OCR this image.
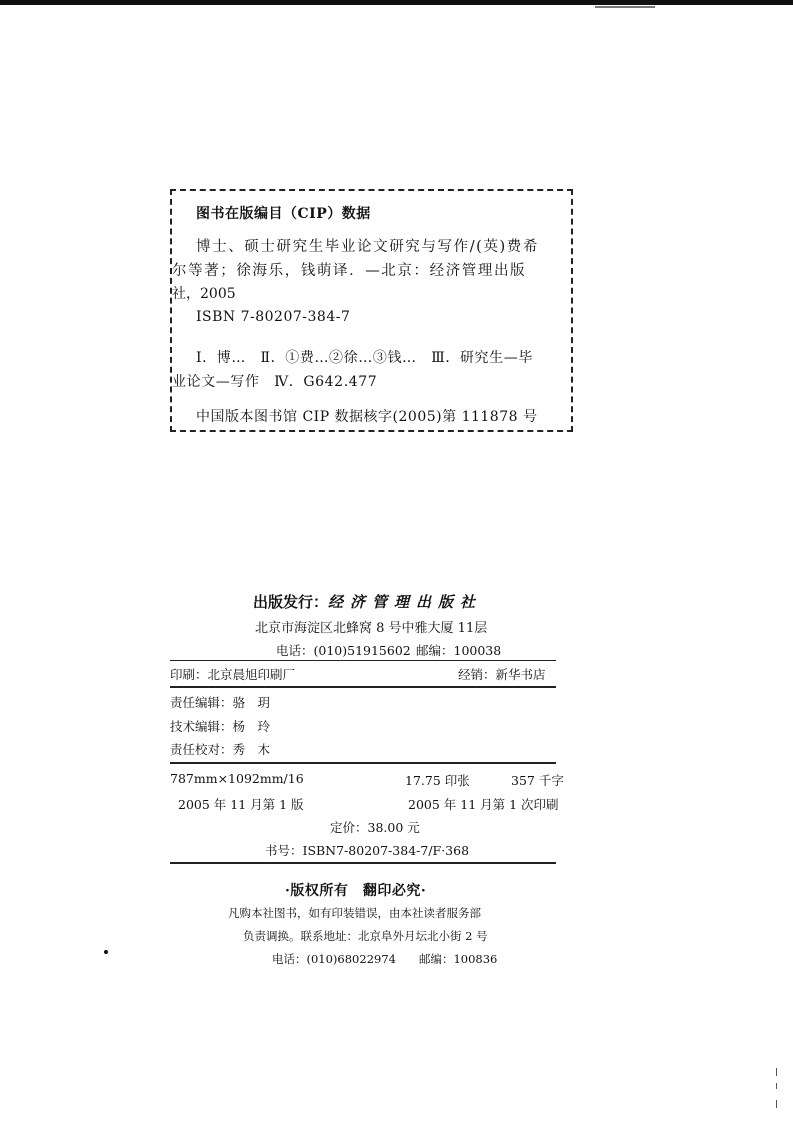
图书在版编目（CIP）数据
博士、硕士研究生毕业论文研究与写作/(英)费希
尔等著；徐海乐，钱萌译．—北京：经济管理出版
社，2005
ISBN 7-80207-384-7
Ⅰ．博…　Ⅱ．①费…②徐…③钱…　Ⅲ．研究生—毕
业论文—写作　Ⅳ．G642.477
中国版本图书馆 CIP 数据核字(2005)第 111878 号
出版发行：经济管理出版社
北京市海淀区北蜂窝 8 号中雅大厦 11层
电话：(010)51915602 邮编：100038
印刷：北京晨旭印刷厂	经销：新华书店
责任编辑：骆　玥
技术编辑：杨　玲
责任校对：秀　木
787mm×1092mm/16	17.75 印张	357 千字
2005 年 11 月第 1 版	2005 年 11 月第 1 次印刷
定价：38.00 元
书号：ISBN7-80207-384-7/F·368
·版权所有　翻印必究·
凡购本社图书，如有印装错误，由本社读者服务部
负责调换。联系地址：北京阜外月坛北小街 2 号
电话：(010)68022974　　邮编：100836
